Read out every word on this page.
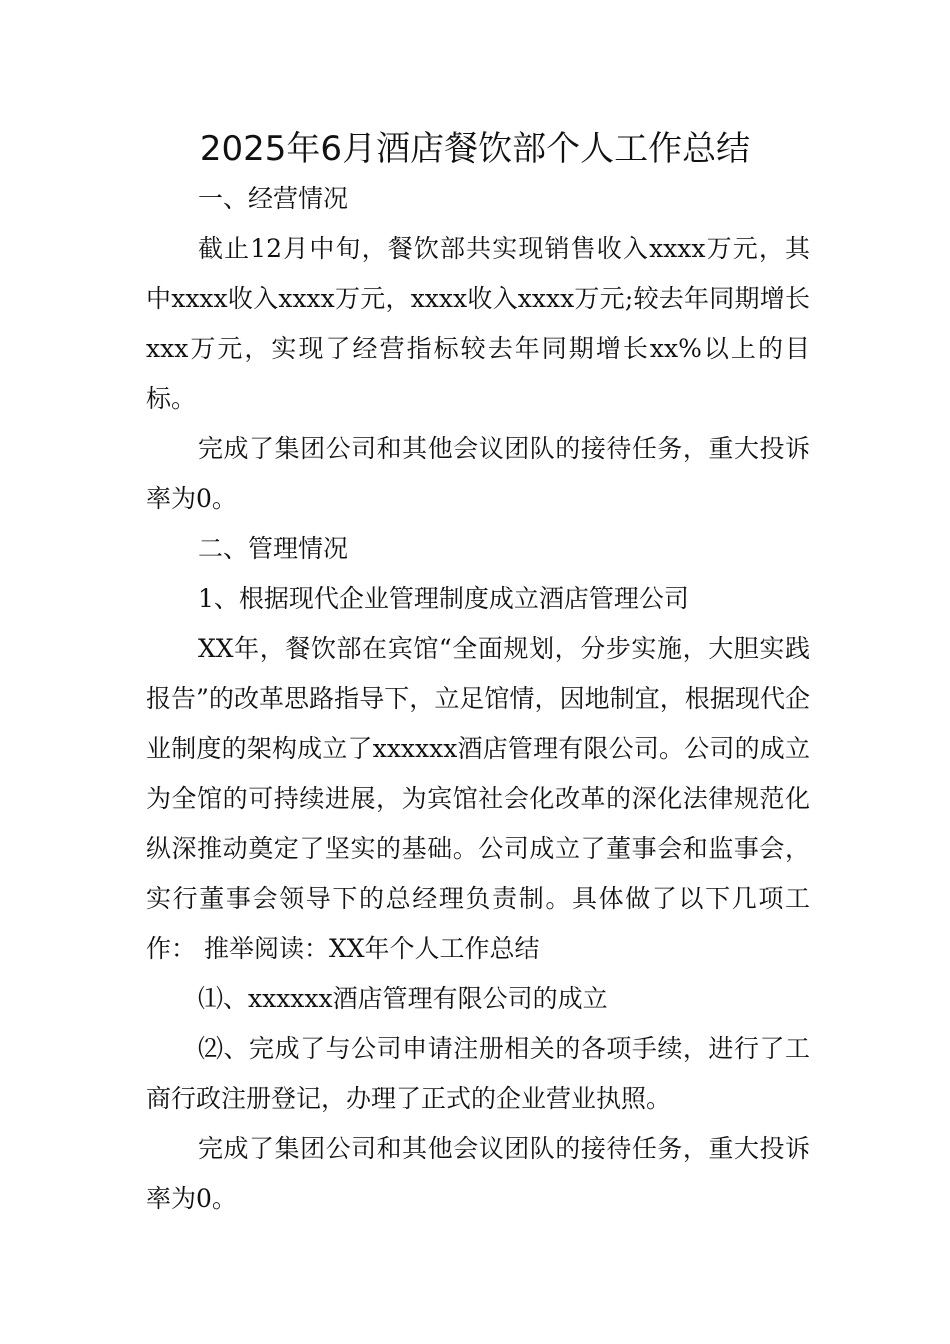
2025年6月酒店餐饮部个人工作总结

一、经营情况

截止12月中旬，餐饮部共实现销售收入xxxx万元，其中xxxx收入xxxx万元，xxxx收入xxxx万元;较去年同期增长xxx万元，实现了经营指标较去年同期增长xx%以上的目标。

完成了集团公司和其他会议团队的接待任务，重大投诉率为0。

二、管理情况

1、根据现代企业管理制度成立酒店管理公司

XX年，餐饮部在宾馆“全面规划，分步实施，大胆实践报告”的改革思路指导下，立足馆情，因地制宜，根据现代企业制度的架构成立了xxxxxx酒店管理有限公司。公司的成立为全馆的可持续进展，为宾馆社会化改革的深化法律规范化纵深推动奠定了坚实的基础。公司成立了董事会和监事会，实行董事会领导下的总经理负责制。具体做了以下几项工作： 推举阅读：XX年个人工作总结

⑴、xxxxxx酒店管理有限公司的成立

⑵、完成了与公司申请注册相关的各项手续，进行了工商行政注册登记，办理了正式的企业营业执照。

完成了集团公司和其他会议团队的接待任务，重大投诉率为0。
